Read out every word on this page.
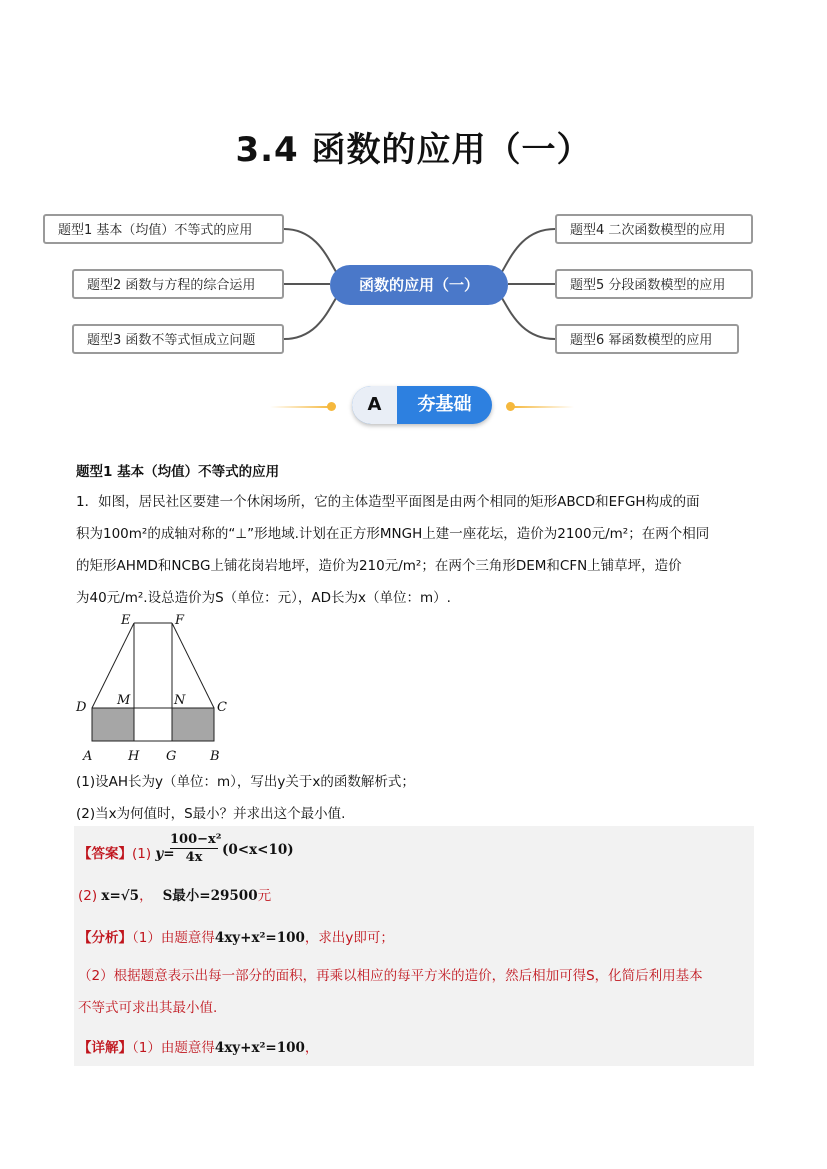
3.4 函数的应用（一）
题型1 基本（均值）不等式的应用
题型2 函数与方程的综合运用
题型3 函数不等式恒成立问题
题型4 二次函数模型的应用
题型5 分段函数模型的应用
题型6 幂函数模型的应用
函数的应用（一）
A	夯基础
题型1 基本（均值）不等式的应用
1．如图，居民社区要建一个休闲场所，它的主体造型平面图是由两个相同的矩形ABCD和EFGH构成的面
积为100m²的成轴对称的“⊥”形地域.计划在正方形MNGH上建一座花坛，造价为2100元/m²；在两个相同
的矩形AHMD和NCBG上铺花岗岩地坪，造价为210元/m²；在两个三角形DEM和CFN上铺草坪，造价
为40元/m².设总造价为S（单位：元），AD长为x（单位：m）.
E	F
D M	N C
A	H G	B
(1)设AH长为y（单位：m），写出y关于x的函数解析式；
(2)当x为何值时，S最小？并求出这个最小值.
【答案】(1) y=
$\frac{\text{100−x²}}{4x} (0<x<10)$
(2) x=√5， S最小=29500元
【分析】（1）由题意得4xy+x²=100，求出y即可；
（2）根据题意表示出每一部分的面积，再乘以相应的每平方米的造价，然后相加可得S，化简后利用基本
不等式可求出其最小值.
【详解】（1）由题意得4xy+x²=100，
